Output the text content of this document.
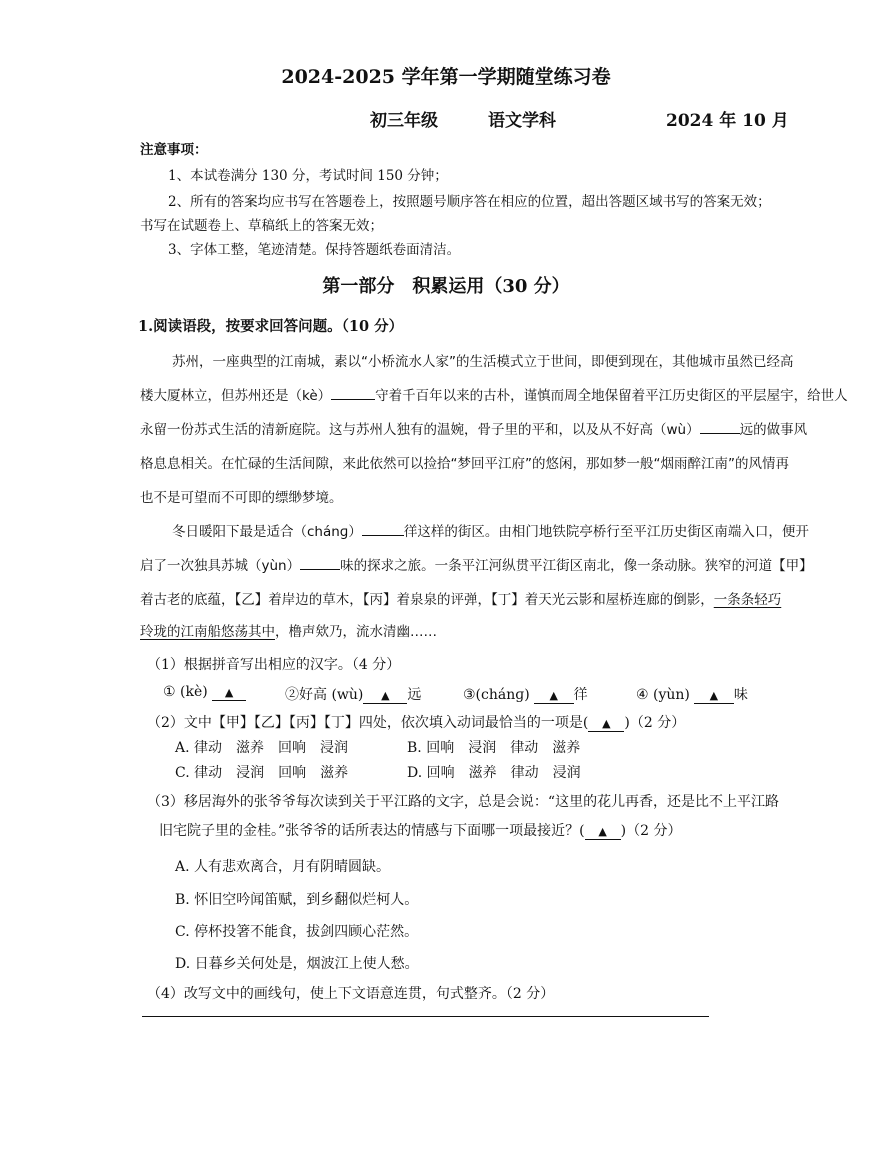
2024-2025 学年第一学期随堂练习卷
初三年级	语文学科	2024 年 10 月
注意事项：
1、本试卷满分 130 分，考试时间 150 分钟；
2、所有的答案均应书写在答题卷上，按照题号顺序答在相应的位置，超出答题区域书写的答案无效；
书写在试题卷上、草稿纸上的答案无效；
3、字体工整，笔迹清楚。保持答题纸卷面清洁。
第一部分　积累运用（30 分）
1.阅读语段，按要求回答问题。（10 分）
苏州，一座典型的江南城，素以“小桥流水人家”的生活模式立于世间，即便到现在，其他城市虽然已经高
楼大厦林立，但苏州还是（kè）	守着千百年以来的古朴，谨慎而周全地保留着平江历史街区的平层屋宇，给世人
永留一份苏式生活的清新庭院。这与苏州人独有的温婉，骨子里的平和，以及从不好高（wù）	远的做事风
格息息相关。在忙碌的生活间隙，来此依然可以捡拾“梦回平江府”的悠闲，那如梦一般“烟雨醉江南”的风情再
也不是可望而不可即的缥缈梦境。
冬日暖阳下最是适合（chánɡ）	徉这样的街区。由相门地铁院亭桥行至平江历史街区南端入口，便开
启了一次独具苏城（yùn）	味的探求之旅。一条平江河纵贯平江街区南北，像一条动脉。狭窄的河道【甲】
着古老的底蕴，【乙】着岸边的草木，【丙】着泉泉的评弹，【丁】着天光云影和屋桥连廊的倒影，一条条轻巧
玲珑的江南船悠荡其中，橹声欸乃，流水清幽……
（1）根据拼音写出相应的汉字。（4 分）
① (kè) ▲	②好高 (wù) ▲ 远	③(chánɡ) ▲ 徉	④ (yùn) ▲ 味
（2）文中【甲】【乙】【丙】【丁】四处，依次填入动词最恰当的一项是( ▲ )（2 分）
A. 律动　滋养　回响　浸润	B. 回响　浸润　律动　滋养
C. 律动　浸润　回响　滋养	D. 回响　滋养　律动　浸润
（3）移居海外的张爷爷每次读到关于平江路的文字，总是会说：“这里的花儿再香，还是比不上平江路
旧宅院子里的金桂。”张爷爷的话所表达的情感与下面哪一项最接近？( ▲ )（2 分）
A. 人有悲欢离合，月有阴晴圆缺。
B. 怀旧空吟闻笛赋，到乡翻似烂柯人。
C. 停杯投箸不能食，拔剑四顾心茫然。
D. 日暮乡关何处是，烟波江上使人愁。
（4）改写文中的画线句，使上下文语意连贯，句式整齐。（2 分）
